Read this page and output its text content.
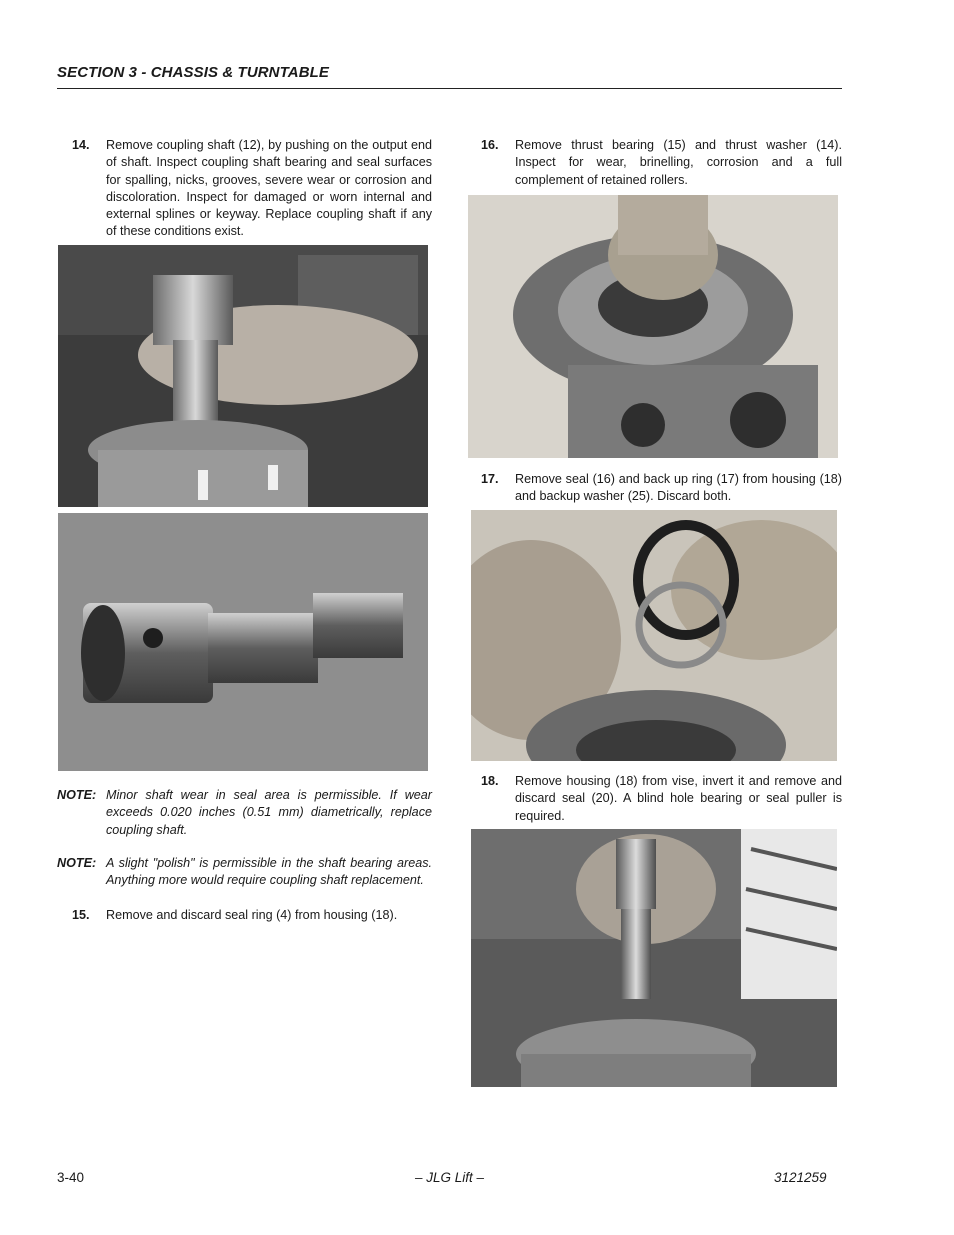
SECTION 3 - CHASSIS & TURNTABLE
14. Remove coupling shaft (12), by pushing on the output end of shaft. Inspect coupling shaft bearing and seal surfaces for spalling, nicks, grooves, severe wear or corrosion and discoloration. Inspect for damaged or worn internal and external splines or keyway. Replace coupling shaft if any of these conditions exist.
NOTE: Minor shaft wear in seal area is permissible. If wear exceeds 0.020 inches (0.51 mm) diametrically, replace coupling shaft.
NOTE: A slight "polish" is permissible in the shaft bearing areas. Anything more would require coupling shaft replacement.
15. Remove and discard seal ring (4) from housing (18).
16. Remove thrust bearing (15) and thrust washer (14). Inspect for wear, brinelling, corrosion and a full complement of retained rollers.
17. Remove seal (16) and back up ring (17) from housing (18) and backup washer (25). Discard both.
18. Remove housing (18) from vise, invert it and remove and discard seal (20). A blind hole bearing or seal puller is required.
3-40	– JLG Lift –	3121259
